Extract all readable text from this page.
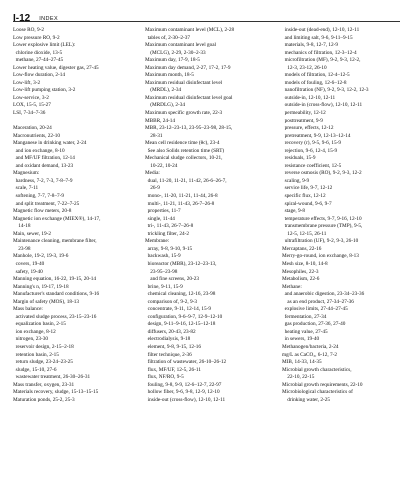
I-12 INDEX
Loose RO, 9-2
Low pressure RO, 9-2
Lower explosive limit (LEL):
chlorine dioxide, 13-5
methane, 27-44–27-45
Lower heating value, digester gas, 27-45
Low-flow duration, 2-14
Low-lift, 3-2
Low-lift pumping station, 3-2
Low-service, 3-2
LOX, 15-5, 15-27
LSI, 7-34–7-36

Maceration, 20-24
Macronutrients, 22-10
Manganese in drinking water, 2-24
and ion exchange, 8-10
and MF/UF filtration, 12-14
and oxidant demand, 13-23
Magnesium:
hardness, 7-2, 7-3, 7-8–7-9
scale, 7-11
softening, 7-7, 7-8–7-9
and split treatment, 7-22–7-25
Magnetic flow meters, 20-8
Magnetic ion exchange (MIEX®), 14-17,
14-18
Main, sewer, 19-2
Maintenance cleaning, membrane filter,
23-98
Manhole, 19-2, 19-3, 19-6
covers, 19-40
safety, 19-40
Manning equation, 16-22, 19-15, 20-14
Manning's n, 19-17, 19-18
Manufacturer's standard conditions, 9-16
Margin of safety (MOS), 18-13
Mass balance:
activated sludge process, 23-15–23-16
equalization basin, 2-15
ion exchange, 8-12
nitrogen, 23-30
reservoir design, 2-15–2-18
retention basin, 2-15
return sludge, 23-24–23-25
sludge, 15-10, 27-6
wastewater treatment, 26-30–26-31
Mass transfer, oxygen, 23-31
Materials recovery, sludge, 15-13–15-15
Maturation ponds, 25-2, 25-3
Maximum contaminant level (MCL), 2-28
tables of, 2-30–2-37
Maximum contaminant level goal
(MCLG), 2-29, 2-30–2-33
Maximum day, 17-9, 18-5
Maximum day demand, 2-27, 17-2, 17-9
Maximum month, 18-5
Maximum residual disinfectant level
(MRDL), 2-34
Maximum residual disinfectant level goal
(MRDLG), 2-34
Maximum specific growth rate, 22-3
MBBR, 24-14
MBR, 23-12–23-13, 23-95–23-98, 28-15,
28-31
Mean cell residence time (θc), 23-4
See also Solids retention time (SRT)
Mechanical sludge collectors, 10-21,
10-22, 10-24
Media:
dual, 11-20, 11-21, 11-42, 26-6–26-7,
26-9
mono-, 11-20, 11-21, 11-44, 26-8
multi-, 11-21, 11-43, 26-7–26-8
properties, 11-7
single, 11-44
tri-, 11-43, 26-7–26-8
trickling filter, 24-2
Membrane:
array, 9-8, 9-10, 9-15
backwash, 15-9
bioreactor (MBR), 23-12–23-13,
23-95–23-98
and fine screens, 20-23
brine, 9-11, 15-9
chemical cleaning, 12-16, 23-98
comparison of, 9-2, 9-3
concentrate, 9-11, 12-14, 15-9
configuration, 9-6–9-7, 12-9–12-10
design, 9-11–9-16, 12-15–12-18
diffusers, 20-43, 23-82
electrodialysis, 9-18
element, 9-8, 9-15, 12-16
filter technique, 2-36
filtration of wastewater, 26-10–26-12
flux, MF/UF, 12-5, 26-11
flux, NF/RO, 9-5
fouling, 9-8, 9-9, 12-6–12-7, 22-97
hollow fiber, 9-6, 9-8, 12-9, 12-10
inside-out (cross-flow), 12-10, 12-11
inside-out (dead-end), 12-10, 12-11
and limiting salt, 9-6, 9-11–9-15
materials, 9-8, 12-7, 12-9
mechanics of filtration, 12-3–12-4
microfiltration (MF), 9-2, 9-3, 12-2,
12-3, 23-12, 26-10
models of filtration, 12-4–12-5
models of fouling, 12-6–12-8
nanofiltration (NF), 9-2, 9-3, 12-2, 12-3
outside-in, 12-10, 12-11
outside-in (cross-flow), 12-10, 12-11
permeability, 12-12
posttreatment, 9-9
pressure, effects, 12-12
pretreatment, 9-9, 12-13–12-14
recovery (r), 9-5, 9-6, 15-9
rejection, 9-6, 12-4, 15-9
residuals, 15-9
resistance coefficient, 12-5
reverse osmosis (RO), 9-2, 9-3, 12-2
scaling, 9-9
service life, 9-7, 12-12
specific flux, 12-12
spiral-wound, 9-6, 9-7
stage, 9-8
temperature effects, 9-7, 9-16, 12-10
transmembrane pressure (TMP), 9-5,
12-5, 12-15, 26-11
ultrafiltration (UF), 9-2, 9-3, 26-10
Mercaptans, 22-16
Merry-go-round, ion exchange, 8-13
Mesh size, 8-10, 14-8
Mesophiles, 22-3
Metabolism, 22-6
Methane:
and anaerobic digestion, 23-34–23-36
as an end product, 27-34–27-36
explosive limits, 27-44–27-45
fermentation, 27-34
gas production, 27-36, 27-40
heating value, 27-45
in sewers, 19-40
Methanogen/bacteria, 2-24
mg/L as CaCO₃, 6-12, 7-2
MIB, 14-33, 14-35
Microbial growth characteristics,
22-10, 22-15
Microbial growth requirements, 22-10
Microbiological characteristics of
drinking water, 2-25
